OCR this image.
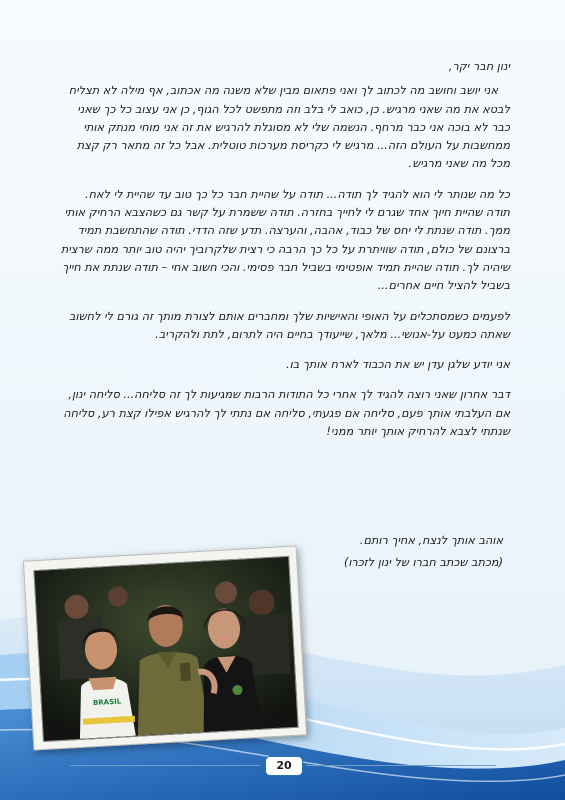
ינון חבר יקר,

אני יושב וחושב מה לכתוב לך ואני פתאום מבין שלא משנה מה אכתוב, אף מילה לא תצליח לבטא את מה שאני מרגיש. כן, כואב לי בלב וזה מתפשט לכל הגוף, כן אני עצוב כל כך שאני כבר לא בוכה אני כבר מרחף. הנשמה שלי לא מסוגלת להרגיש את זה אני מוחי מנתק אותי ממחשבות על העולם הזה... מרגיש לי כקריסת מערכות טוטלית. אבל כל זה מתאר רק קצת מכל מה שאני מרגיש.

כל מה שנותר לי הוא להגיד לך תודה... תודה על שהיית חבר כל כך טוב עד שהיית לי לאח. תודה שהיית חיוך אחד שגרם לי לחייך בחזרה. תודה ששמרת על קשר גם כשהצבא הרחיק אותי ממך. תודה שנתת לי יחס של כבוד, אהבה, והערצה. תדע שזה הדדי. תודה שהתחשבת תמיד ברצונם של כולם, תודה שוויתרת על כל כך הרבה כי רצית שלקרוביך יהיה טוב יותר ממה שרצית שיהיה לך. תודה שהיית תמיד אופטימי בשביל חבר פסימי. והכי חשוב אחי – תודה שנתת את חייך בשביל להציל חיים אחרים...

לפעמים כשמסתכלים על האופי והאישיות שלך ומחברים אותם לצורת מותך זה גורם לי לחשוב שאתה כמעט על-אנושי... מלאך, שייעודך בחיים היה לתרום, לתת ולהקריב.

אני יודע שלגן עדן יש את הכבוד לארח אותך בו.

דבר אחרון שאני רוצה להגיד לך אחרי כל התודות הרבות שמגיעות לך זה סליחה... סליחה ינון, אם העלבתי אותך פעם, סליחה אם פגעתי, סליחה אם נתתי לך להרגיש אפילו קצת רע, סליחה שנתתי לצבא להרחיק אותך יותר ממני!

אוהב אותך לנצח, אחיך רותם.

(מכתב שכתב חברו של ינון לזכרו)

BRASIL
20
